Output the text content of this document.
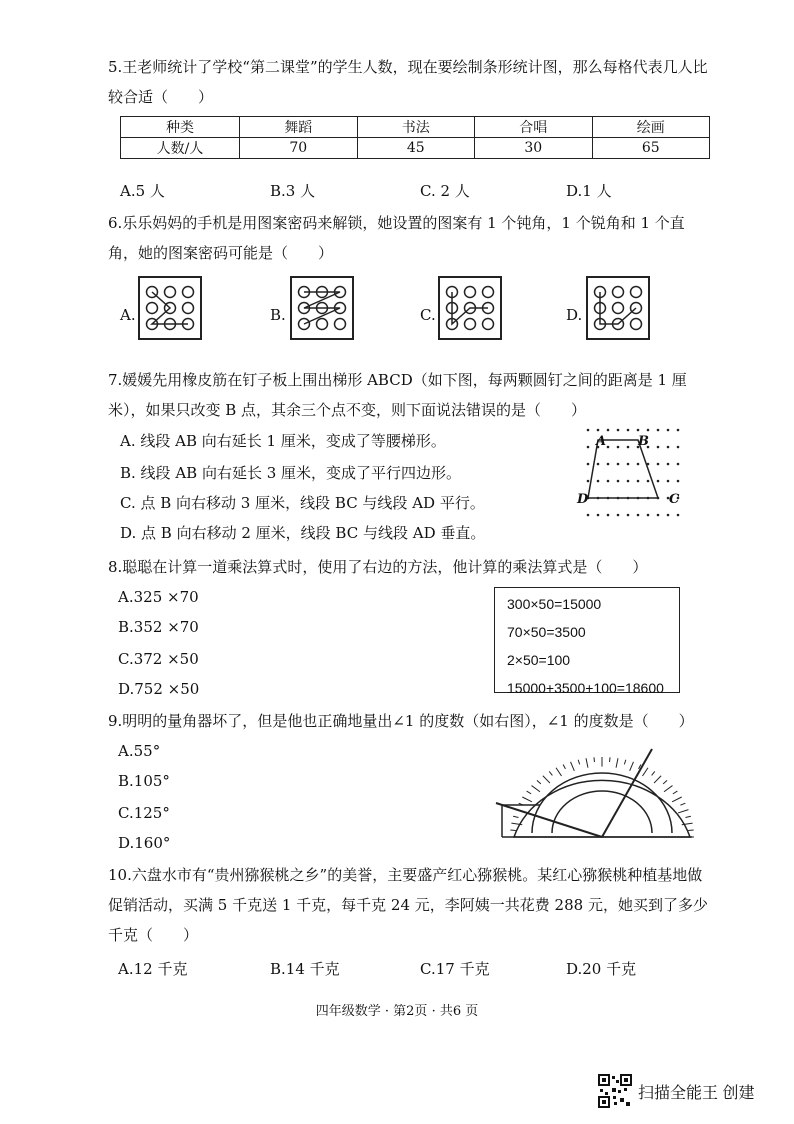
5.王老师统计了学校“第二课堂”的学生人数，现在要绘制条形统计图，那么每格代表几人比较合适（　　）
种类	舞蹈	书法	合唱	绘画
人数/人	70	45	30	65
A.5 人	B.3 人	C. 2 人	D.1 人
6.乐乐妈妈的手机是用图案密码来解锁，她设置的图案有 1 个钝角，1 个锐角和 1 个直角，她的图案密码可能是（　　）
A.	B.	C.	D.
7.媛媛先用橡皮筋在钉子板上围出梯形 ABCD（如下图，每两颗圆钉之间的距离是 1 厘米），如果只改变 B 点，其余三个点不变，则下面说法错误的是（　　）
A. 线段 AB 向右延长 1 厘米，变成了等腰梯形。
B. 线段 AB 向右延长 3 厘米，变成了平行四边形。
C. 点 B 向右移动 3 厘米，线段 BC 与线段 AD 平行。
D. 点 B 向右移动 2 厘米，线段 BC 与线段 AD 垂直。
A B
C
D
8.聪聪在计算一道乘法算式时，使用了右边的方法，他计算的乘法算式是（　　）
A.325 ×70
B.352 ×70
C.372 ×50
D.752 ×50
300×50=15000
70×50=3500
2×50=100
15000+3500+100=18600
9.明明的量角器坏了，但是他也正确地量出∠1 的度数（如右图），∠1 的度数是（　　）
A.55°
B.105°
C.125°
D.160°
10.六盘水市有“贵州猕猴桃之乡”的美誉，主要盛产红心猕猴桃。某红心猕猴桃种植基地做促销活动，买满 5 千克送 1 千克，每千克 24 元，李阿姨一共花费 288 元，她买到了多少千克（　　）
A.12 千克	B.14 千克	C.17 千克	D.20 千克
四年级数学 · 第2页 · 共6 页
扫描全能王 创建
